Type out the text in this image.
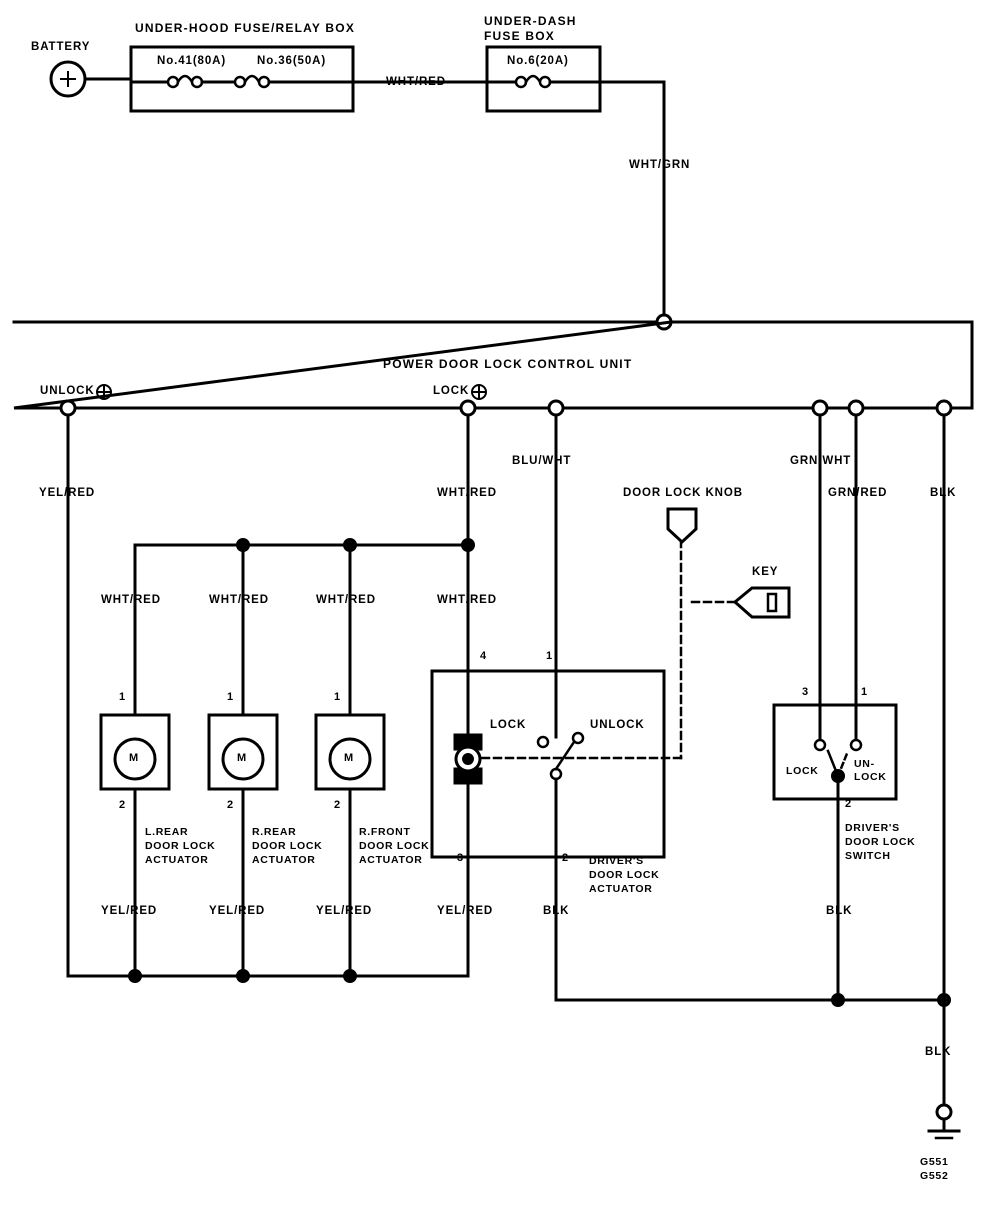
BATTERY
UNDER-HOOD FUSE/RELAY BOX
No.41(80A)	No.36(50A)
UNDER-DASH
FUSE BOX
No.6(20A)
WHT/RED
WHT/GRN
POWER DOOR LOCK CONTROL UNIT
UNLOCK	LOCK
YEL/RED	WHT/RED
BLU/WHT	GRN/WHT
GRN/RED	BLK
WHT/RED	WHT/RED	WHT/RED	WHT/RED
1	1	1
4	1
M	M	M
2	2	2
L.REAR
DOOR LOCK
ACTUATOR
R.REAR
DOOR LOCK
ACTUATOR
R.FRONT
DOOR LOCK
ACTUATOR
LOCK	UNLOCK
3	2 DRIVER'S
DOOR LOCK
ACTUATOR
DOOR LOCK KNOB
KEY
3	1
LOCK
UN-
LOCK
2
DRIVER'S
DOOR LOCK
SWITCH
YEL/RED	YEL/RED	YEL/RED	YEL/RED	BLK	BLK
BLK
G551
G552
